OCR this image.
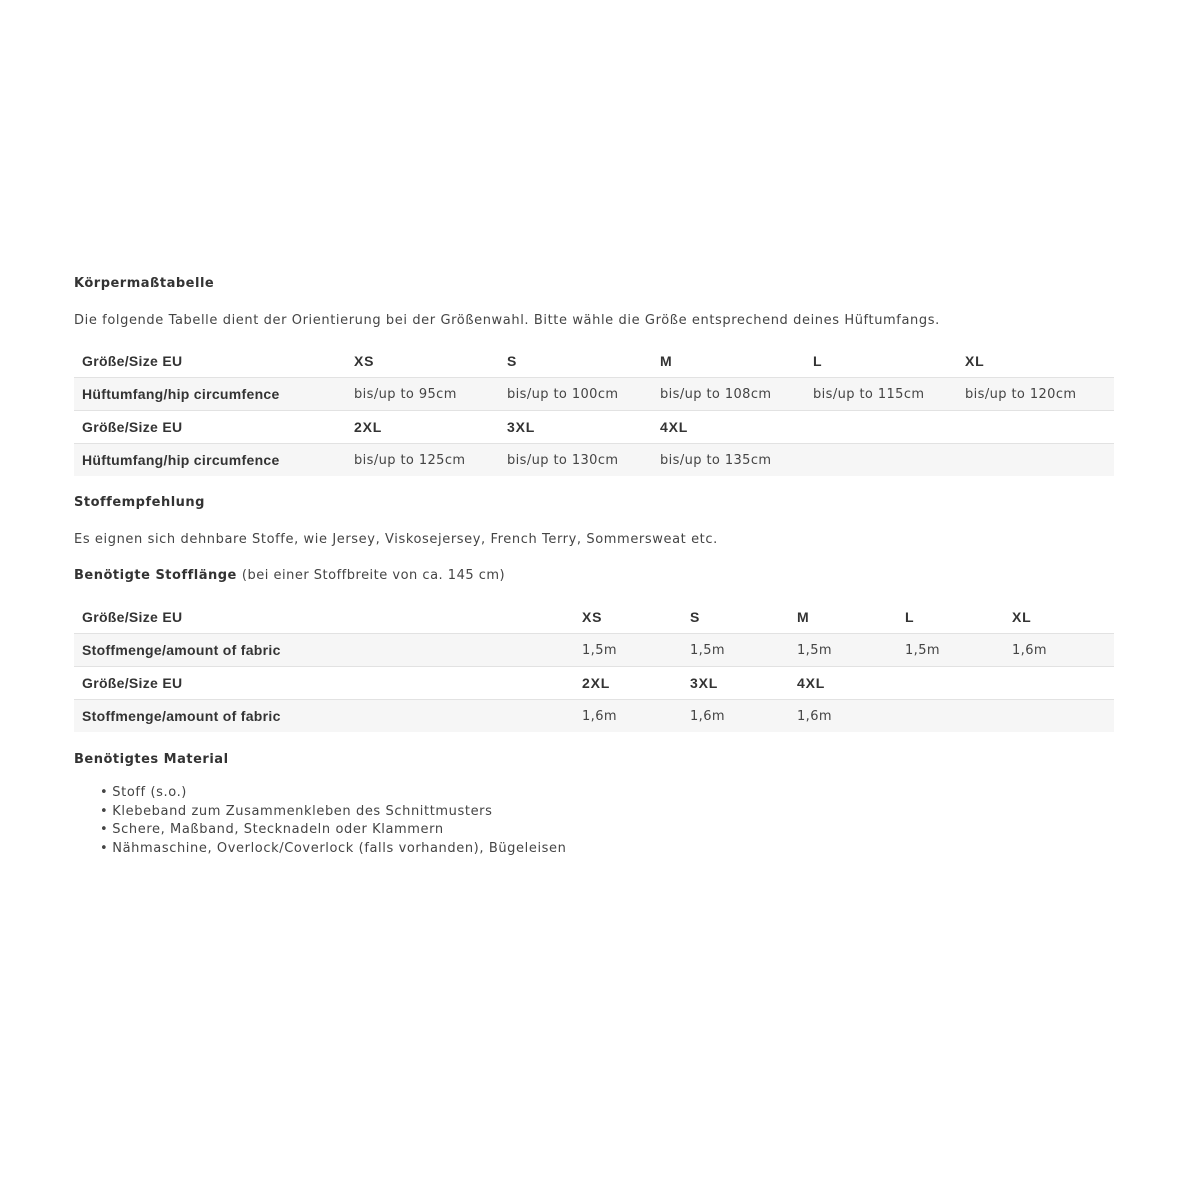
Körpermaßtabelle
Die folgende Tabelle dient der Orientierung bei der Größenwahl. Bitte wähle die Größe entsprechend deines Hüftumfangs.
Größe/Size EU	XS	S	M	L	XL
Hüftumfang/hip circumfence	bis/up to 95cm	bis/up to 100cm	bis/up to 108cm	bis/up to 115cm	bis/up to 120cm
Größe/Size EU	2XL	3XL	4XL		
Hüftumfang/hip circumfence	bis/up to 125cm	bis/up to 130cm	bis/up to 135cm		
Stoffempfehlung
Es eignen sich dehnbare Stoffe, wie Jersey, Viskosejersey, French Terry, Sommersweat etc.
Benötigte Stofflänge (bei einer Stoffbreite von ca. 145 cm)
Größe/Size EU	XS	S	M	L	XL
Stoffmenge/amount of fabric	1,5m	1,5m	1,5m	1,5m	1,6m
Größe/Size EU	2XL	3XL	4XL		
Stoffmenge/amount of fabric	1,6m	1,6m	1,6m		
Benötigtes Material
• Stoff (s.o.)
• Klebeband zum Zusammenkleben des Schnittmusters
• Schere, Maßband, Stecknadeln oder Klammern
• Nähmaschine, Overlock/Coverlock (falls vorhanden), Bügeleisen
